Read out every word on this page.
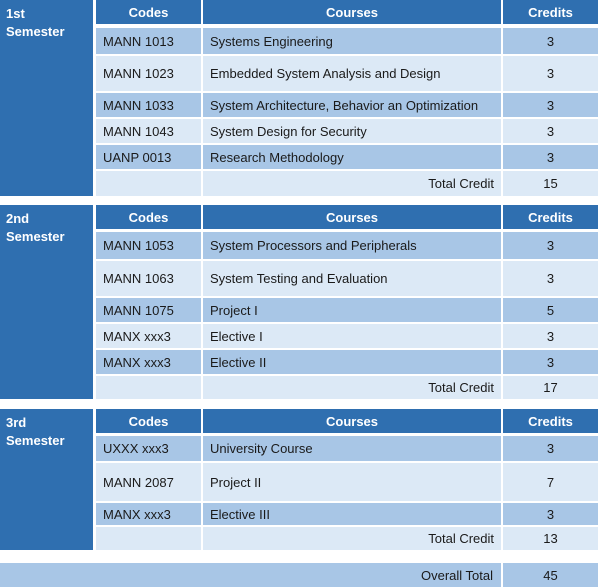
1st
Semester
Codes	Courses	Credits
MANN 1013	Systems Engineering	3
MANN 1023	Embedded System Analysis and Design	3
MANN 1033	System Architecture, Behavior an Optimization	3
MANN 1043	System Design for Security	3
UANP 0013	Research Methodology	3
Total Credit	15
2nd
Semester
Codes	Courses	Credits
MANN 1053	System Processors and Peripherals	3
MANN 1063	System Testing and Evaluation	3
MANN 1075	Project I	5
MANX xxx3	Elective I	3
MANX xxx3	Elective II	3
Total Credit	17
3rd
Semester
Codes	Courses	Credits
UXXX xxx3	University Course	3
MANN 2087	Project II	7
MANX xxx3	Elective III	3
Total Credit	13
Overall Total	45
